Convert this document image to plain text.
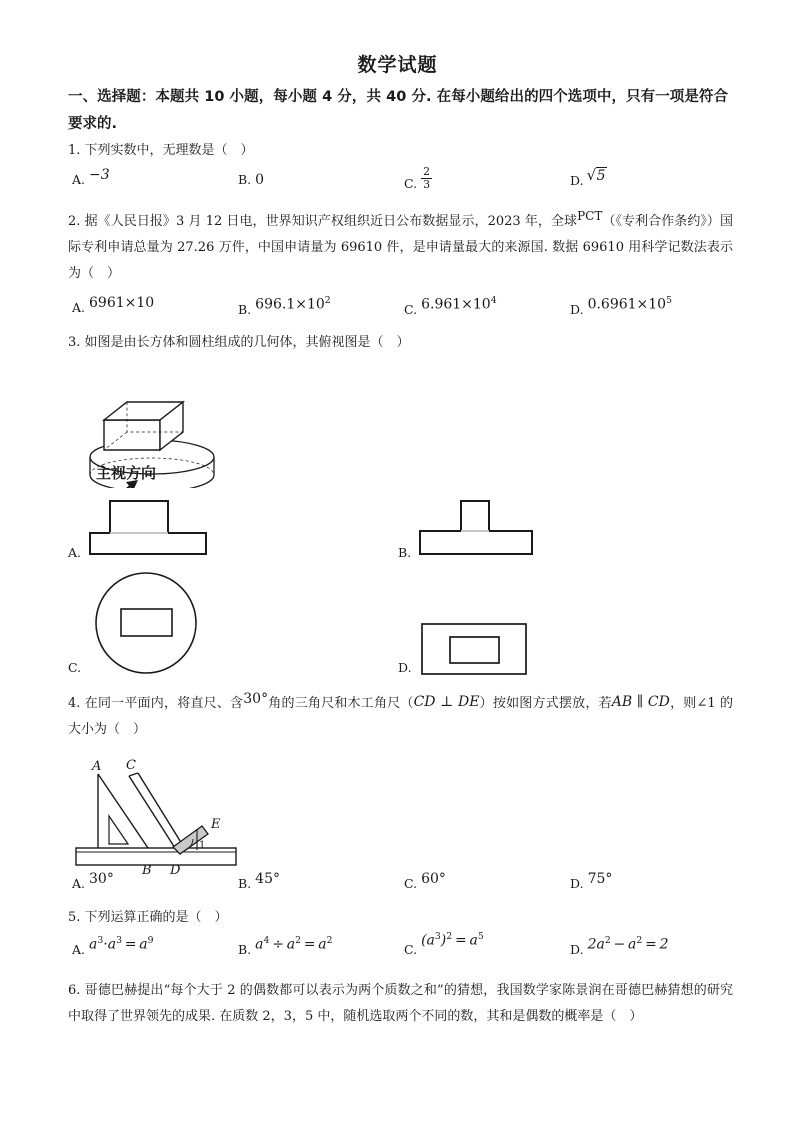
数学试题
一、选择题：本题共 10 小题，每小题 4 分，共 40 分. 在每小题给出的四个选项中，只有一项是符合要求的.
1. 下列实数中，无理数是（　）
A. −3	B. 0	C. $\frac{2}{3}$	D. √ 5
2. 据《人民日报》3 月 12 日电，世界知识产权组织近日公布数据显示，2023 年，全球PCT（《专利合作条约》）国际专利申请总量为 27.26 万件，中国申请量为 69610 件，是申请量最大的来源国. 数据 69610 用科学记数法表示为（　）
A. 6961×10	B. $696.1\times 10^2$
C. $6.961\times 10^4$
D. $0.6961\times 10^5$
3. 如图是由长方体和圆柱组成的几何体，其俯视图是（　）
主视方向
A.	B.
C.	D.
4. 在同一平面内，将直尺、含30°角的三角尺和木工角尺（CD ⊥ DE）按如图方式摆放，若AB ∥ CD，则∠1 的大小为（　）
A C
B D
E
1
A. 30°	B. 45°	C. 60°	D. 75°
5. 下列运算正确的是（　）
A. $a^3\cdot a^3 = a^9$
B. $a^4 \div a^2 = a^2$
C.
$(a^3)^2 = a^5$
D. $2a^2 - a^2 = 2$
6. 哥德巴赫提出“每个大于 2 的偶数都可以表示为两个质数之和”的猜想，我国数学家陈景润在哥德巴赫猜想的研究中取得了世界领先的成果. 在质数 2，3，5 中，随机选取两个不同的数，其和是偶数的概率是（　）
